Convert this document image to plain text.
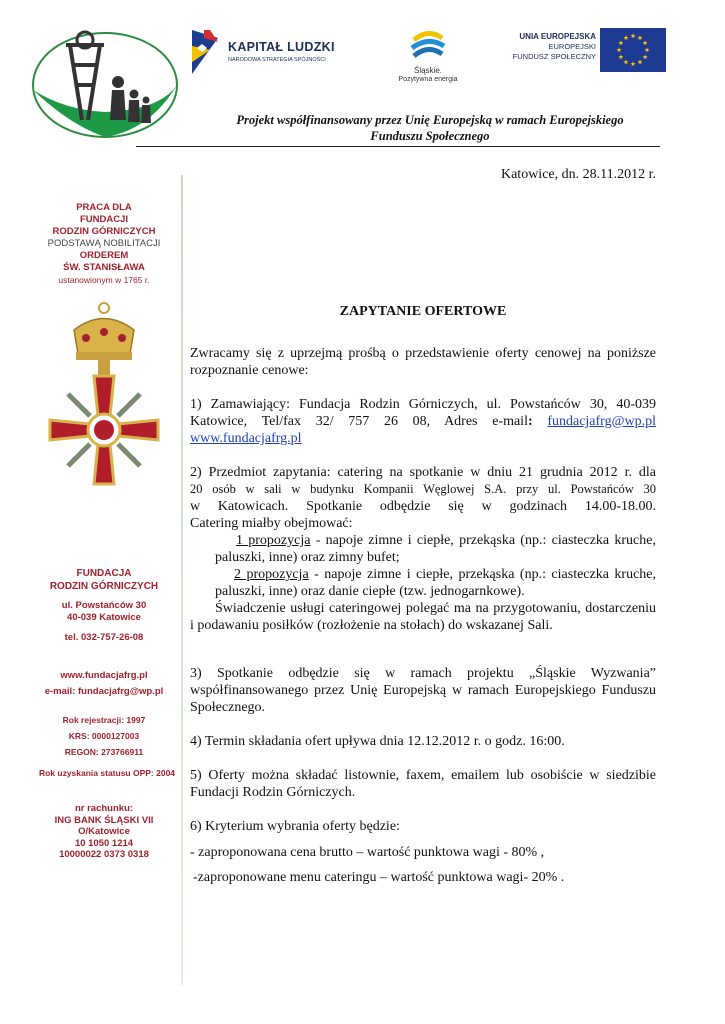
KAPITAŁ LUDZKI
NARODOWA STRATEGIA SPÓJNOŚCI
Śląskie.
Pozytywna energia
UNIA EUROPEJSKA
EUROPEJSKI
FUNDUSZ SPOŁECZNY
Projekt współfinansowany przez Unię Europejską w ramach Europejskiego
Funduszu Społecznego
PRACA DLA
FUNDACJI
RODZIN GÓRNICZYCH
PODSTAWĄ NOBILITACJI
ORDEREM
ŚW. STANISŁAWA
ustanowionym w 1765 r.
FUNDACJA
RODZIN GÓRNICZYCH
ul. Powstańców 30
40-039 Katowice
tel. 032-757-26-08
www.fundacjafrg.pl
e-mail: fundacjafrg@wp.pl
Rok rejestracji: 1997
KRS: 0000127003
REGON: 273766911
Rok uzyskania statusu OPP: 2004
nr rachunku:
ING BANK ŚLĄSKI VII
O/Katowice
10 1050 1214
10000022 0373 0318
Katowice, dn. 28.11.2012 r.
ZAPYTANIE OFERTOWE
Zwracamy się z uprzejmą prośbą o przedstawienie oferty cenowej na poniższe rozpoznanie cenowe:
1) Zamawiający: Fundacja Rodzin Górniczych, ul. Powstańców 30, 40-039 Katowice, Tel/fax 32/ 757 26 08, Adres e-mail: fundacjafrg@wp.pl www.fundacjafrg.pl
2) Przedmiot zapytania: catering na spotkanie w dniu 21 grudnia 2012 r. dla
20 osób w sali w budynku Kompanii Węglowej S.A. przy ul. Powstańców 30
w Katowicach. Spotkanie odbędzie się w godzinach 14.00-18.00.
Catering miałby obejmować:
1 propozycja - napoje zimne i ciepłe, przekąska (np.: ciasteczka kruche, paluszki, inne) oraz zimny bufet;
2 propozycja - napoje zimne i ciepłe, przekąska (np.: ciasteczka kruche, paluszki, inne) oraz danie ciepłe (tzw. jednogarnkowe).
Świadczenie usługi cateringowej polegać ma na przygotowaniu, dostarczeniu i podawaniu posiłków (rozłożenie na stołach) do wskazanej Sali.
3) Spotkanie odbędzie się w ramach projektu „Śląskie Wyzwania” współfinansowanego przez Unię Europejską w ramach Europejskiego Funduszu Społecznego.
4) Termin składania ofert upływa dnia 12.12.2012 r. o godz. 16:00.
5) Oferty można składać listownie, faxem, emailem lub osobiście w siedzibie Fundacji Rodzin Górniczych.
6) Kryterium wybrania oferty będzie:
- zaproponowana cena brutto – wartość punktowa wagi - 80% ,
-zaproponowane menu cateringu – wartość punktowa wagi- 20% .
